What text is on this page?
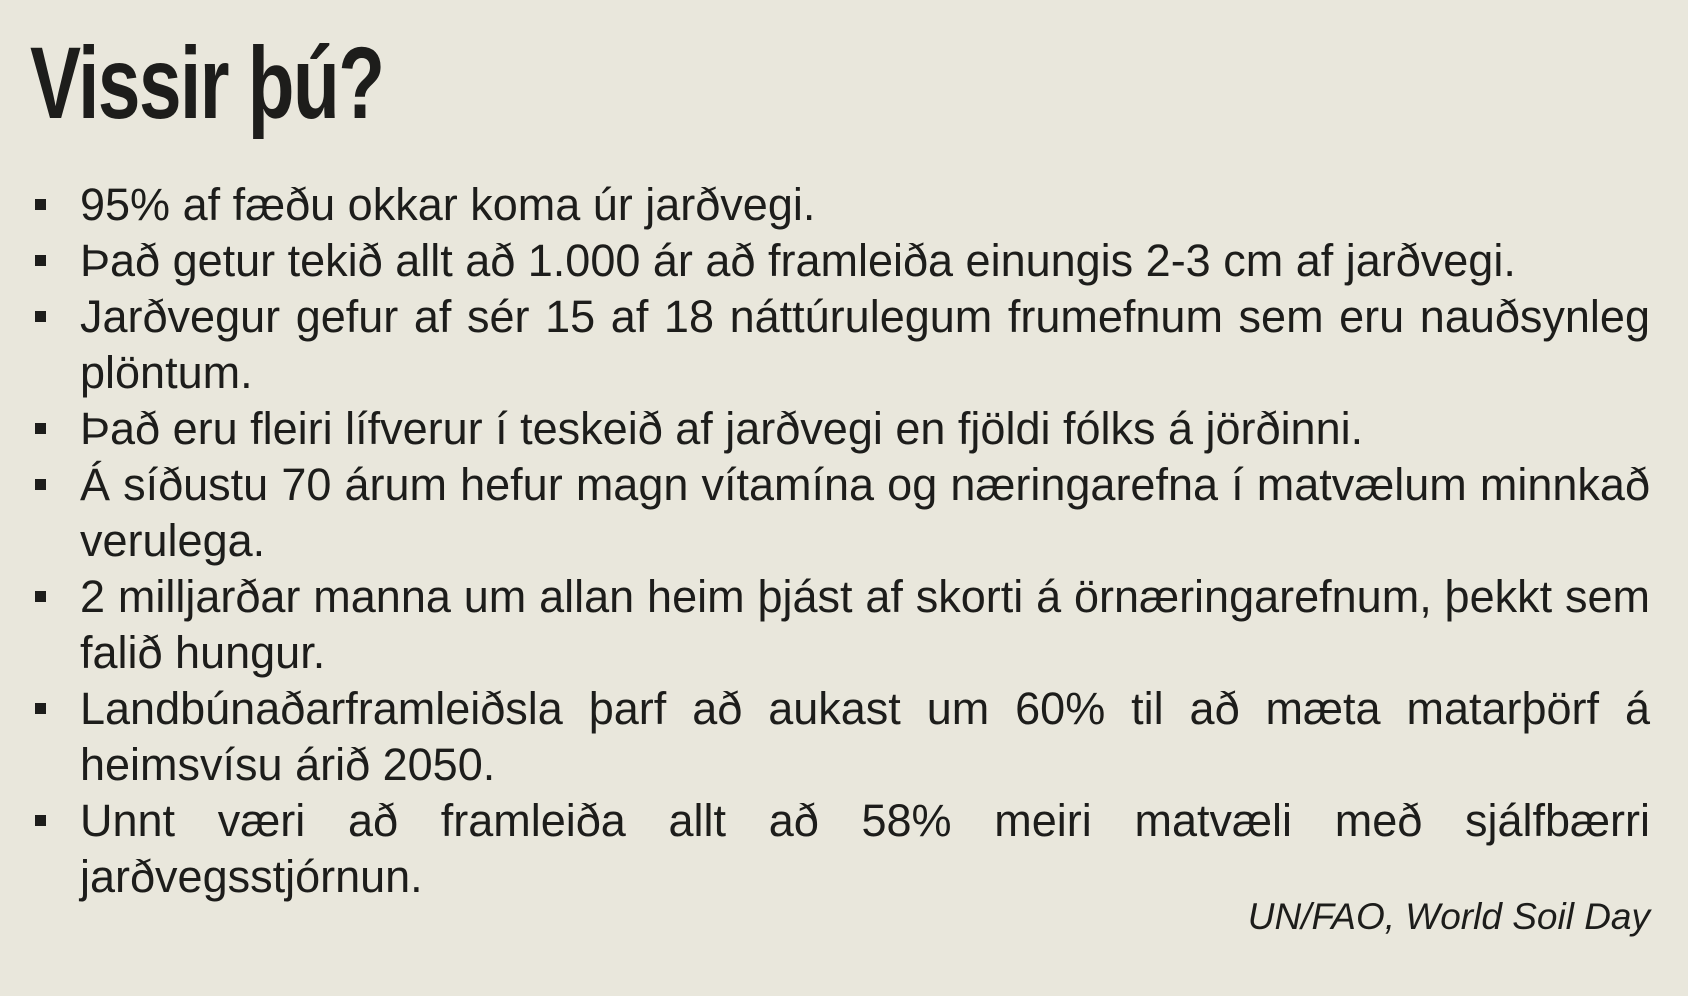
Vissir þú?
95% af fæðu okkar koma úr jarðvegi.
Það getur tekið allt að 1.000 ár að framleiða einungis 2-3 cm af jarðvegi.
Jarðvegur gefur af sér 15 af 18 náttúrulegum frumefnum sem eru nauðsynleg plöntum.
Það eru fleiri lífverur í teskeið af jarðvegi en fjöldi fólks á jörðinni.
Á síðustu 70 árum hefur magn vítamína og næringarefna í matvælum minnkað verulega.
2 milljarðar manna um allan heim þjást af skorti á örnæringarefnum, þekkt sem falið hungur.
Landbúnaðarframleiðsla þarf að aukast um 60% til að mæta matarþörf á heimsvísu árið 2050.
Unnt væri að framleiða allt að 58% meiri matvæli með sjálfbærri jarðvegsstjórnun.
UN/FAO, World Soil Day
